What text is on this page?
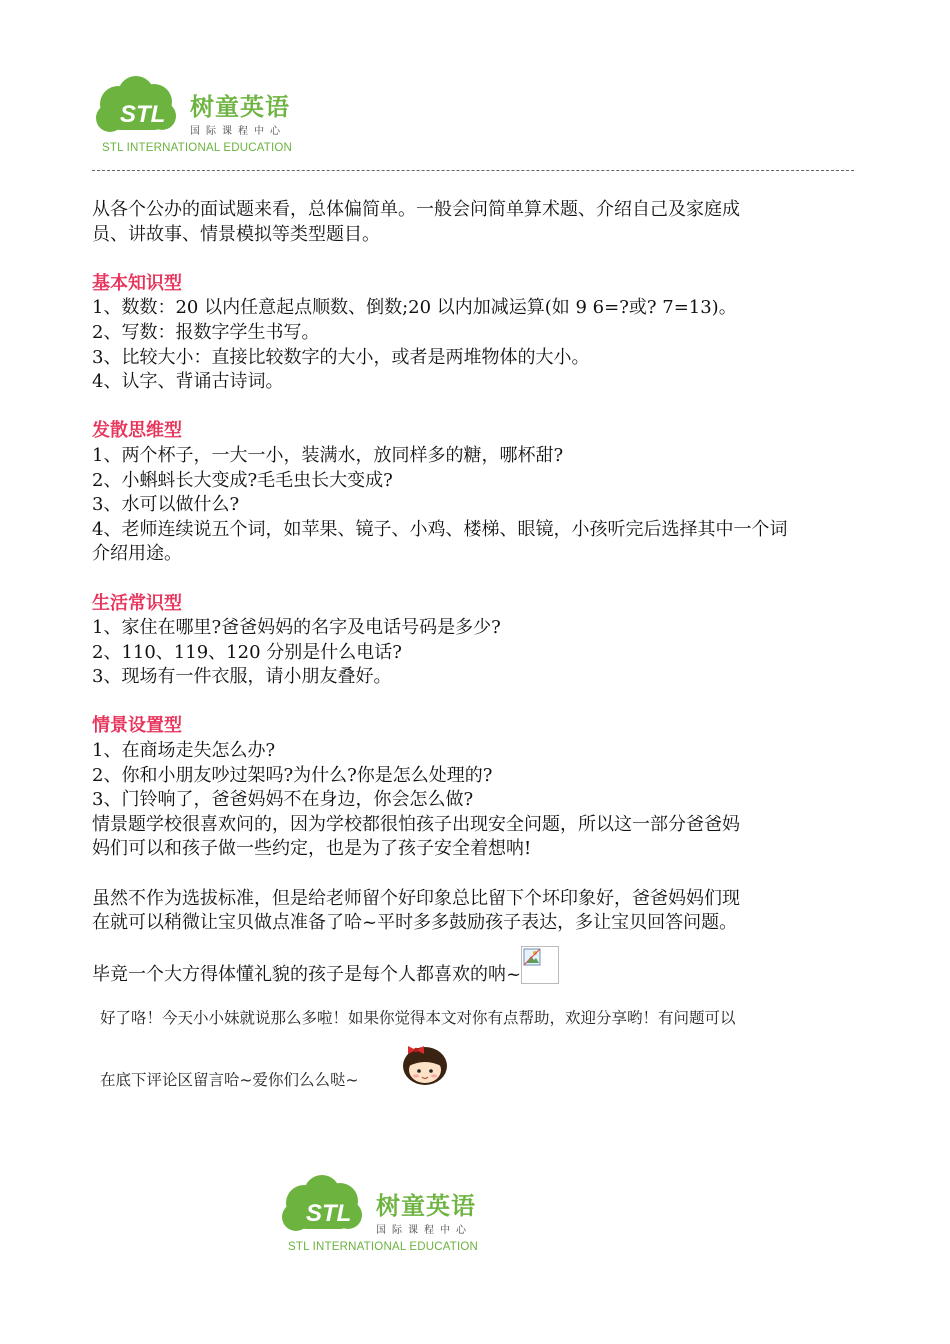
STL 树童英语
国际课程中心
STL INTERNATIONAL EDUCATION

从各个公办的面试题来看，总体偏简单。一般会问简单算术题、介绍自己及家庭成

员、讲故事、情景模拟等类型题目。

基本知识型

1、数数：20 以内任意起点顺数、倒数;20 以内加减运算(如 9 6=?或? 7=13)。

2、写数：报数字学生书写。

3、比较大小：直接比较数字的大小，或者是两堆物体的大小。

4、认字、背诵古诗词。

发散思维型

1、两个杯子，一大一小，装满水，放同样多的糖，哪杯甜?

2、小蝌蚪长大变成?毛毛虫长大变成?

3、水可以做什么?

4、老师连续说五个词，如苹果、镜子、小鸡、楼梯、眼镜，小孩听完后选择其中一个词

介绍用途。

生活常识型

1、家住在哪里?爸爸妈妈的名字及电话号码是多少?

2、110、119、120 分别是什么电话?

3、现场有一件衣服，请小朋友叠好。

情景设置型

1、在商场走失怎么办?

2、你和小朋友吵过架吗?为什么?你是怎么处理的?

3、门铃响了，爸爸妈妈不在身边，你会怎么做?

情景题学校很喜欢问的，因为学校都很怕孩子出现安全问题，所以这一部分爸爸妈

妈们可以和孩子做一些约定，也是为了孩子安全着想呐!

虽然不作为选拔标准，但是给老师留个好印象总比留下个坏印象好，爸爸妈妈们现

在就可以稍微让宝贝做点准备了哈~平时多多鼓励孩子表达，多让宝贝回答问题。

毕竟一个大方得体懂礼貌的孩子是每个人都喜欢的呐~

好了咯！今天小小妹就说那么多啦！如果你觉得本文对你有点帮助，欢迎分享哟！有问题可以
在底下评论区留言哈~爱你们么么哒~
STL 树童英语
国际课程中心
STL INTERNATIONAL EDUCATION
